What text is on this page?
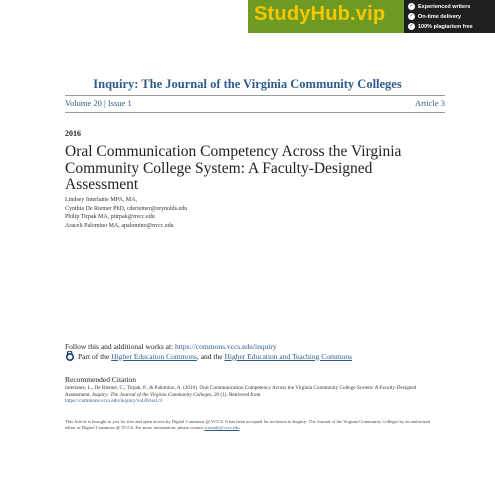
StudyHub.vip	✓ Experienced writers
✓ On-time delivery
✓ 100% plagiarism free
Inquiry: The Journal of the Virginia Community Colleges
Volume 20 | Issue 1	Article 3
2016
Oral Communication Competency Across the Virginia Community College System: A Faculty-Designed Assessment
Lindsey Interlante MPA, MA,
Cynthia De Riemer PhD, cderiemer@reynolds.edu
Philip Tirpak MA, ptirpak@nvcc.edu
Araceli Palomino MA, apalomino@nvcc.edu
Follow this and additional works at: https://commons.vccs.edu/inquiry
Part of the Higher Education Commons, and the Higher Education and Teaching Commons
Recommended Citation
Interlante, L., De Riemer, C., Tirpak, P., & Palomino, A. (2016). Oral Communication Competency Across the Virginia Community College System: A Faculty-Designed Assessment. Inquiry: The Journal of the Virginia Community Colleges, 20 (1). Retrieved from
https://commons.vccs.edu/inquiry/vol20/iss1/3
This Article is brought to you for free and open access by Digital Commons @ VCCS. It has been accepted for inclusion in Inquiry: The Journal of the Virginia Community Colleges by an authorized editor of Digital Commons @ VCCS. For more information, please contact tcassidy@vccs.edu.
